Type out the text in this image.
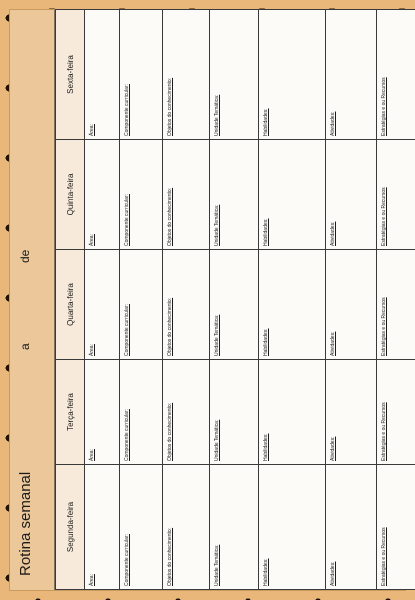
Rotina semanal
a
de
Segunda-feira	Terça-feira	Quarta-feira	Quinta-feira	Sexta-feira
Área:	Área:	Área:	Área:	Área:
Componente curricular:	Componente curricular:	Componente curricular:	Componente curricular:	Componente curricular:
Objetos do conhecimento:	Objetos do conhecimento:	Objetos do conhecimento:	Objetos do conhecimento:	Objetos do conhecimento:
Unidade Temática:	Unidade Temática:	Unidade Temática:	Unidade Temática:	Unidade Temática:
Habilidades:	Habilidades:	Habilidades:	Habilidades:	Habilidades:
Atividades:	Atividades:	Atividades:	Atividades:	Atividades:
Estratégias e ou Recursos	Estratégias e ou Recursos	Estratégias e ou Recursos	Estratégias e ou Recursos	Estratégias e ou Recursos
